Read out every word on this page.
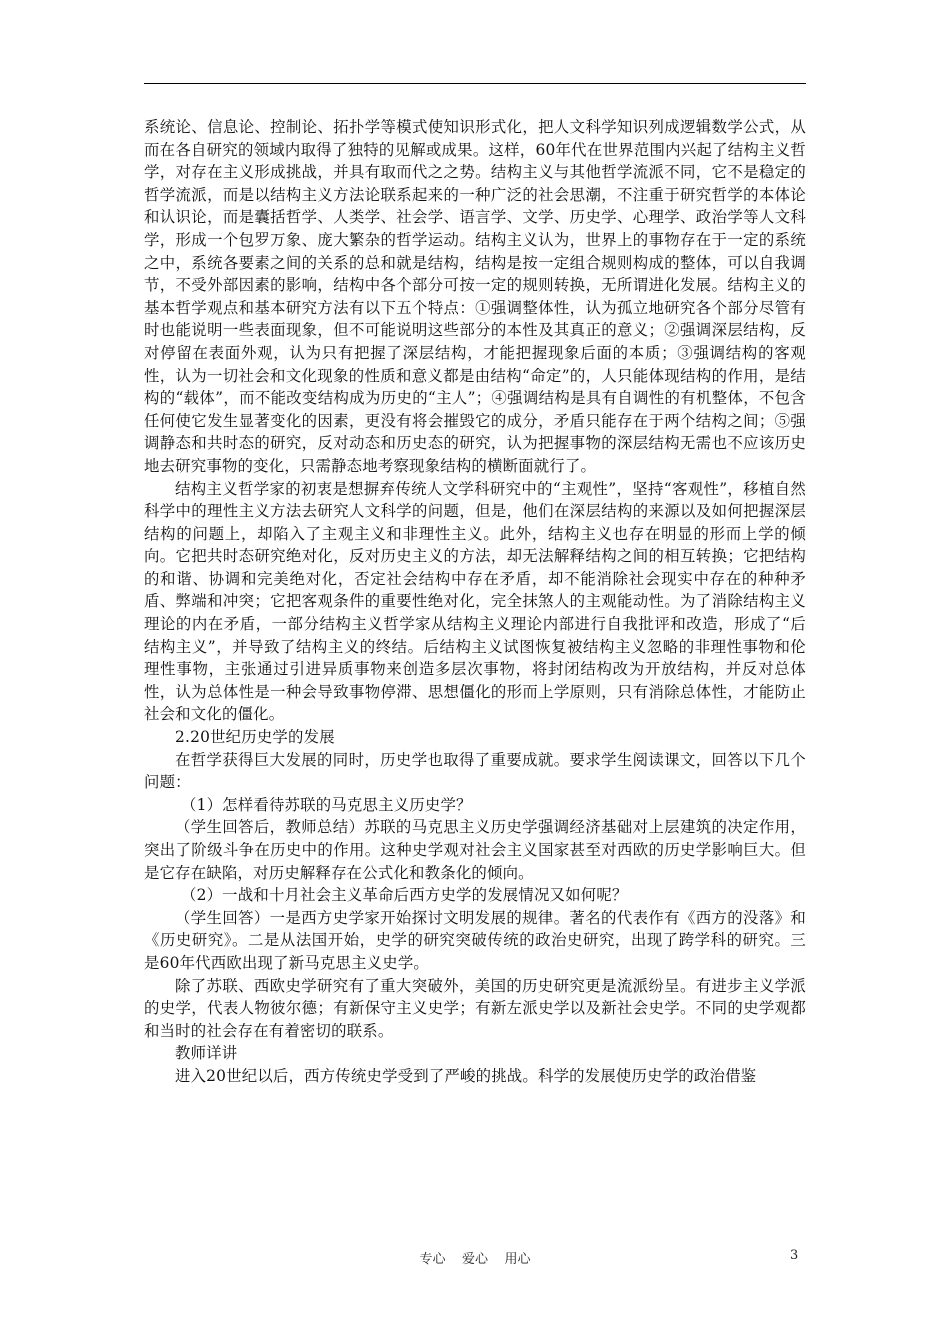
系统论、信息论、控制论、拓扑学等模式使知识形式化，把人文科学知识列成逻辑数学公式，从而在各自研究的领域内取得了独特的见解或成果。这样，60年代在世界范围内兴起了结构主义哲学，对存在主义形成挑战，并具有取而代之之势。结构主义与其他哲学流派不同，它不是稳定的哲学流派，而是以结构主义方法论联系起来的一种广泛的社会思潮，不注重于研究哲学的本体论和认识论，而是囊括哲学、人类学、社会学、语言学、文学、历史学、心理学、政治学等人文科学，形成一个包罗万象、庞大繁杂的哲学运动。结构主义认为，世界上的事物存在于一定的系统之中，系统各要素之间的关系的总和就是结构，结构是按一定组合规则构成的整体，可以自我调节，不受外部因素的影响，结构中各个部分可按一定的规则转换，无所谓进化发展。结构主义的基本哲学观点和基本研究方法有以下五个特点：①强调整体性，认为孤立地研究各个部分尽管有时也能说明一些表面现象，但不可能说明这些部分的本性及其真正的意义；②强调深层结构，反对停留在表面外观，认为只有把握了深层结构，才能把握现象后面的本质；③强调结构的客观性，认为一切社会和文化现象的性质和意义都是由结构“命定”的，人只能体现结构的作用，是结构的“载体”，而不能改变结构成为历史的“主人”；④强调结构是具有自调性的有机整体，不包含任何使它发生显著变化的因素，更没有将会摧毁它的成分，矛盾只能存在于两个结构之间；⑤强调静态和共时态的研究，反对动态和历史态的研究，认为把握事物的深层结构无需也不应该历史地去研究事物的变化，只需静态地考察现象结构的横断面就行了。

结构主义哲学家的初衷是想摒弃传统人文学科研究中的“主观性”，坚持“客观性”，移植自然科学中的理性主义方法去研究人文科学的问题，但是，他们在深层结构的来源以及如何把握深层结构的问题上，却陷入了主观主义和非理性主义。此外，结构主义也存在明显的形而上学的倾向。它把共时态研究绝对化，反对历史主义的方法，却无法解释结构之间的相互转换；它把结构的和谐、协调和完美绝对化，否定社会结构中存在矛盾，却不能消除社会现实中存在的种种矛盾、弊端和冲突；它把客观条件的重要性绝对化，完全抹煞人的主观能动性。为了消除结构主义理论的内在矛盾，一部分结构主义哲学家从结构主义理论内部进行自我批评和改造，形成了“后结构主义”，并导致了结构主义的终结。后结构主义试图恢复被结构主义忽略的非理性事物和伦理性事物，主张通过引进异质事物来创造多层次事物，将封闭结构改为开放结构，并反对总体性，认为总体性是一种会导致事物停滞、思想僵化的形而上学原则，只有消除总体性，才能防止社会和文化的僵化。

2.20世纪历史学的发展

在哲学获得巨大发展的同时，历史学也取得了重要成就。要求学生阅读课文，回答以下几个问题：

（1）怎样看待苏联的马克思主义历史学？

（学生回答后，教师总结）苏联的马克思主义历史学强调经济基础对上层建筑的决定作用，突出了阶级斗争在历史中的作用。这种史学观对社会主义国家甚至对西欧的历史学影响巨大。但是它存在缺陷，对历史解释存在公式化和教条化的倾向。

（2）一战和十月社会主义革命后西方史学的发展情况又如何呢？

（学生回答）一是西方史学家开始探讨文明发展的规律。著名的代表作有《西方的没落》和《历史研究》。二是从法国开始，史学的研究突破传统的政治史研究，出现了跨学科的研究。三是60年代西欧出现了新马克思主义史学。

除了苏联、西欧史学研究有了重大突破外，美国的历史研究更是流派纷呈。有进步主义学派的史学，代表人物彼尔德；有新保守主义史学；有新左派史学以及新社会史学。不同的史学观都和当时的社会存在有着密切的联系。

教师详讲

进入20世纪以后，西方传统史学受到了严峻的挑战。科学的发展使历史学的政治借鉴

专心    爱心    用心	3
